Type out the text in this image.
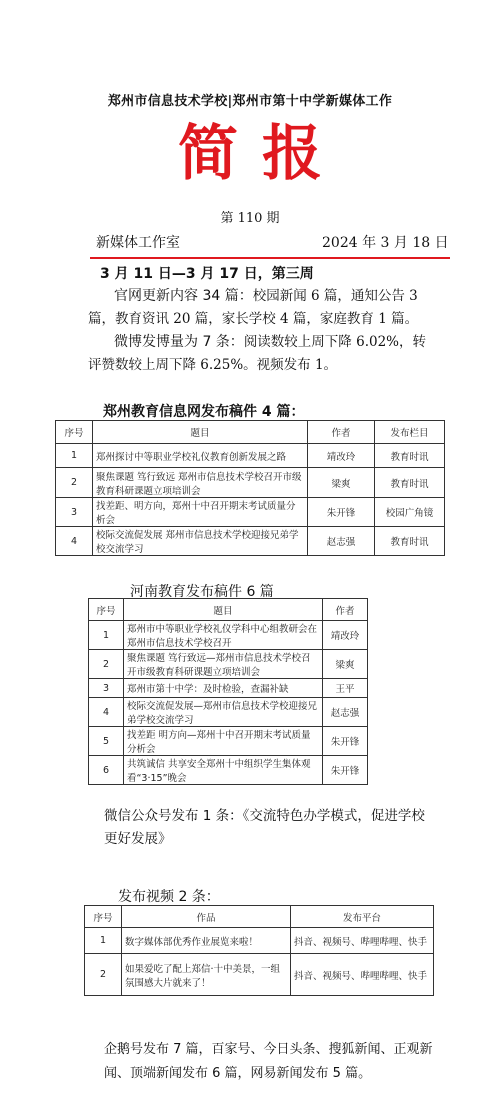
郑州市信息技术学校|郑州市第十中学新媒体工作
简报
第 110 期
新媒体工作室	2024 年 3 月 18 日
3 月 11 日—3 月 17 日，第三周
官网更新内容 34 篇：校园新闻 6 篇，通知公告 3 篇，教育资讯 20 篇，家长学校 4 篇，家庭教育 1 篇。
微博发博量为 7 条：阅读数较上周下降 6.02%，转评赞数较上周下降 6.25%。视频发布 1。
郑州教育信息网发布稿件 4 篇：
序号	题目	作者	发布栏目
1	郑州探讨中等职业学校礼仪教育创新发展之路	靖改玲	教育时讯
2	聚焦课题 笃行致远 郑州市信息技术学校召开市级教育科研课题立项培训会	梁爽	教育时讯
3	找差距、明方向，郑州十中召开期末考试质量分析会	朱开锋	校园广角镜
4	校际交流促发展 郑州市信息技术学校迎接兄弟学校交流学习	赵志强	教育时讯
河南教育发布稿件 6 篇
序号	题目	作者
1	郑州市中等职业学校礼仪学科中心组教研会在郑州市信息技术学校召开	靖改玲
2	聚焦课题 笃行致远—郑州市信息技术学校召开市级教育科研课题立项培训会	梁爽
3	郑州市第十中学：及时检验，查漏补缺	王平
4	校际交流促发展—郑州市信息技术学校迎接兄弟学校交流学习	赵志强
5	找差距 明方向—郑州十中召开期末考试质量分析会	朱开锋
6	共筑诚信 共享安全郑州十中组织学生集体观看“3·15”晚会	朱开锋
微信公众号发布 1 条：《交流特色办学模式，促进学校更好发展》
发布视频 2 条：
序号	作品	发布平台
1	数字媒体部优秀作业展览来啦！	抖音、视频号、哔哩哔哩、快手
2	如果爱吃了配上郑信·十中美景，一组氛围感大片就来了！	抖音、视频号、哔哩哔哩、快手
企鹅号发布 7 篇，百家号、今日头条、搜狐新闻、正观新闻、顶端新闻发布 6 篇，网易新闻发布 5 篇。
